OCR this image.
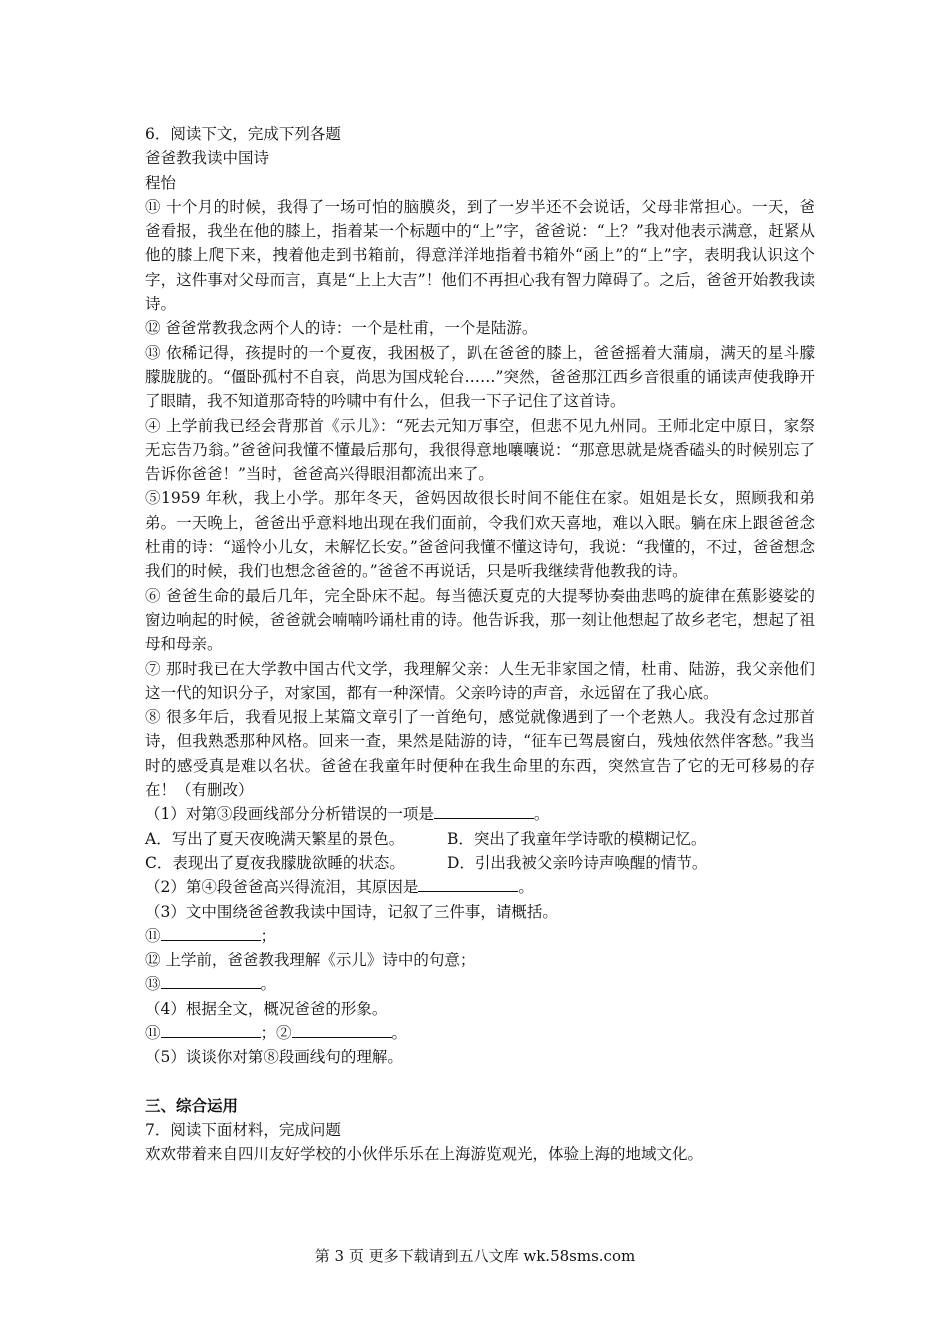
6．阅读下文，完成下列各题

爸爸教我读中国诗

程怡

⑪ 十个月的时候，我得了一场可怕的脑膜炎，到了一岁半还不会说话，父母非常担心。一天，爸爸看报，我坐在他的膝上，指着某一个标题中的“上”字，爸爸说：“上？”我对他表示满意，赶紧从他的膝上爬下来，拽着他走到书箱前，得意洋洋地指着书箱外“函上”的“上”字，表明我认识这个字，这件事对父母而言，真是“上上大吉”！他们不再担心我有智力障碍了。之后，爸爸开始教我读诗。

⑫ 爸爸常教我念两个人的诗：一个是杜甫，一个是陆游。

⑬ 依稀记得，孩提时的一个夏夜，我困极了，趴在爸爸的膝上，爸爸摇着大蒲扇，满天的星斗朦朦胧胧的。“僵卧孤村不自哀，尚思为国戍轮台……”突然，爸爸那江西乡音很重的诵读声使我睁开了眼睛，我不知道那奇特的吟啸中有什么，但我一下子记住了这首诗。

④ 上学前我已经会背那首《示儿》：“死去元知万事空，但悲不见九州同。王师北定中原日，家祭无忘告乃翁。”爸爸问我懂不懂最后那句，我很得意地嚷嚷说：“那意思就是烧香磕头的时候别忘了告诉你爸爸！”当时，爸爸高兴得眼泪都流出来了。

⑤1959 年秋，我上小学。那年冬天，爸妈因故很长时间不能住在家。姐姐是长女，照顾我和弟弟。一天晚上，爸爸出乎意料地出现在我们面前，令我们欢天喜地，难以入眠。躺在床上跟爸爸念杜甫的诗：“遥怜小儿女，未解忆长安。”爸爸问我懂不懂这诗句，我说：“我懂的，不过，爸爸想念我们的时候，我们也想念爸爸的。”爸爸不再说话，只是听我继续背他教我的诗。

⑥ 爸爸生命的最后几年，完全卧床不起。每当德沃夏克的大提琴协奏曲悲鸣的旋律在蕉影婆娑的窗边响起的时候，爸爸就会喃喃吟诵杜甫的诗。他告诉我，那一刻让他想起了故乡老宅，想起了祖母和母亲。

⑦ 那时我已在大学教中国古代文学，我理解父亲：人生无非家国之情，杜甫、陆游，我父亲他们这一代的知识分子，对家国，都有一种深情。父亲吟诗的声音，永远留在了我心底。

⑧ 很多年后，我看见报上某篇文章引了一首绝句，感觉就像遇到了一个老熟人。我没有念过那首诗，但我熟悉那种风格。回来一查，果然是陆游的诗，“征车已驾晨窗白，残烛依然伴客愁。”我当时的感受真是难以名状。爸爸在我童年时便种在我生命里的东西，突然宣告了它的无可移易的存在！（有删改）

（1）对第③段画线部分分析错误的一项是	。

A．写出了夏天夜晚满天繁星的景色。	B．突出了我童年学诗歌的模糊记忆。
C．表现出了夏夜我朦胧欲睡的状态。	D．引出我被父亲吟诗声唤醒的情节。

（2）第④段爸爸高兴得流泪，其原因是	。

（3）文中围绕爸爸教我读中国诗，记叙了三件事，请概括。

⑪	；

⑫ 上学前，爸爸教我理解《示儿》诗中的句意；

⑬	。

（4）根据全文，概况爸爸的形象。

⑪	；②	。

（5）谈谈你对第⑧段画线句的理解。

三、综合运用

7．阅读下面材料，完成问题

欢欢带着来自四川友好学校的小伙伴乐乐在上海游览观光，体验上海的地域文化。

第 3 页 更多下载请到五八文库 wk.58sms.com
